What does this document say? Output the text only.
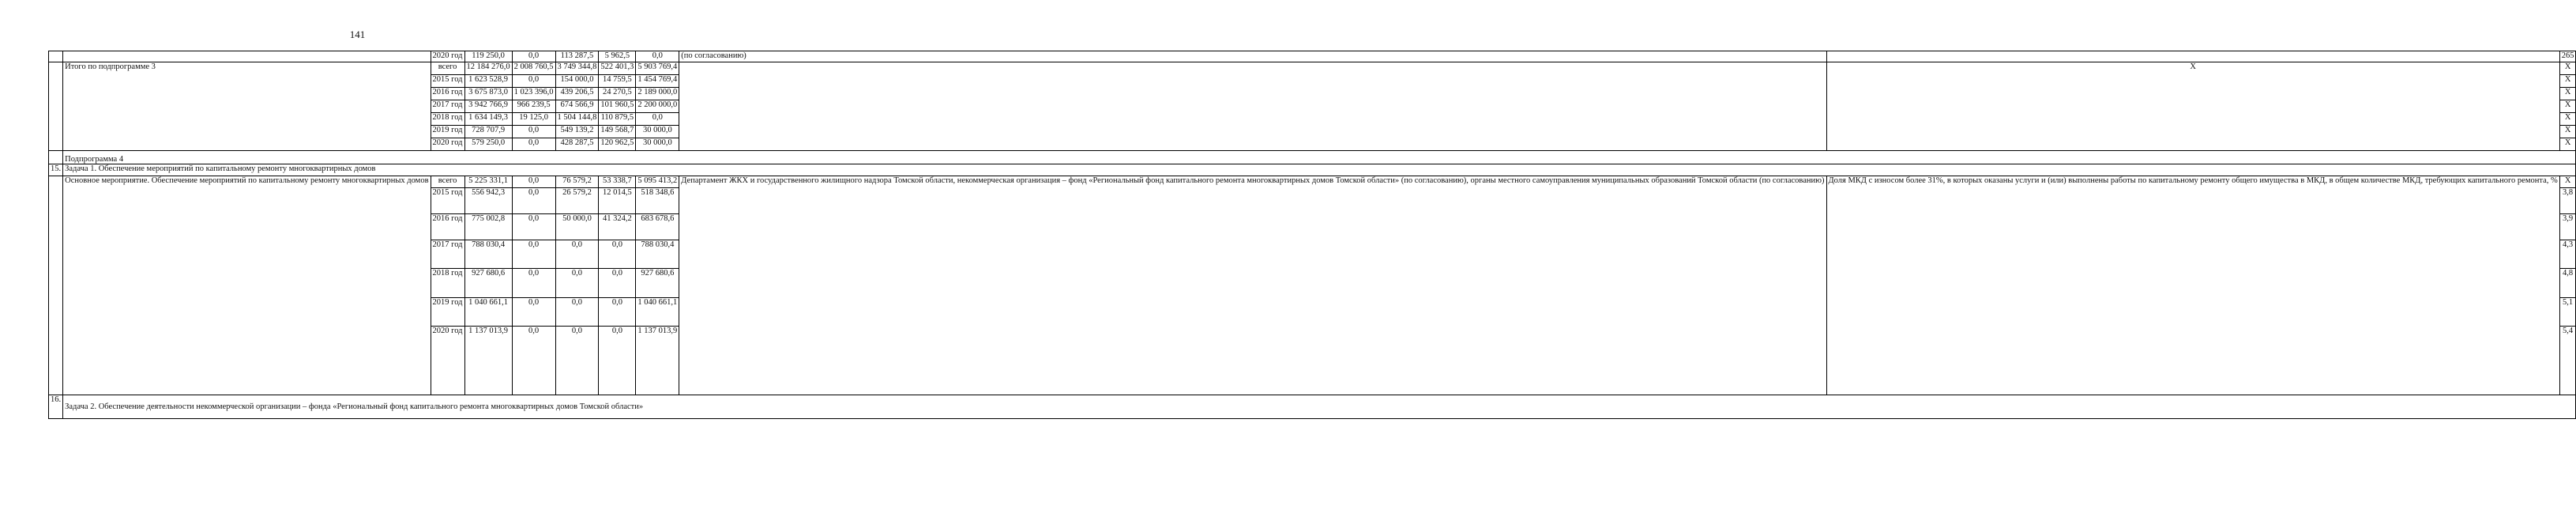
141
		2020 год	119 250,0	0,0	113 287,5	5 962,5	0,0	(по согласованию)		265
	Итого по подпрограмме 3	всего	12 184 276,0	2 008 760,5	3 749 344,8	522 401,3	5 903 769,4		Х	Х
		2015 год	1 623 528,9	0,0	154 000,0	14 759,5	1 454 769,4			Х
		2016 год	3 675 873,0	1 023 396,0	439 206,5	24 270,5	2 189 000,0			Х
		2017 год	3 942 766,9	966 239,5	674 566,9	101 960,5	2 200 000,0			Х
		2018 год	1 634 149,3	19 125,0	1 504 144,8	110 879,5	0,0			Х
		2019 год	728 707,9	0,0	549 139,2	149 568,7	30 000,0			Х
		2020 год	579 250,0	0,0	428 287,5	120 962,5	30 000,0			Х
	Подпрограмма 4									
15.	Задача 1. Обеспечение мероприятий по капитальному ремонту многоквартирных домов									
	Основное мероприятие. Обеспечение мероприятий по капитальному ремонту многоквартирных домов	всего	5 225 331,1	0,0	76 579,2	53 338,7	5 095 413,2	Департамент ЖКХ и государственного жилищного надзора Томской области, некоммерческая организация – фонд «Региональный фонд капитального ремонта многоквартирных домов Томской области» (по согласованию), органы местного самоуправления муниципальных образований Томской области (по согласованию)	Доля МКД с износом более 31%, в которых оказаны услуги и (или) выполнены работы по капитальному ремонту общего имущества в МКД, в общем количестве МКД, требующих капитального ремонта, %	Х
		2015 год	556 942,3	0,0	26 579,2	12 014,5	518 348,6			3,8
		2016 год	775 002,8	0,0	50 000,0	41 324,2	683 678,6			3,9
		2017 год	788 030,4	0,0	0,0	0,0	788 030,4			4,3
		2018 год	927 680,6	0,0	0,0	0,0	927 680,6			4,8
		2019 год	1 040 661,1	0,0	0,0	0,0	1 040 661,1			5,1
		2020 год	1 137 013,9	0,0	0,0	0,0	1 137 013,9			5,4
16.	Задача 2. Обеспечение деятельности некоммерческой организации – фонда «Региональный фонд капитального ремонта многоквартирных домов Томской области»									
